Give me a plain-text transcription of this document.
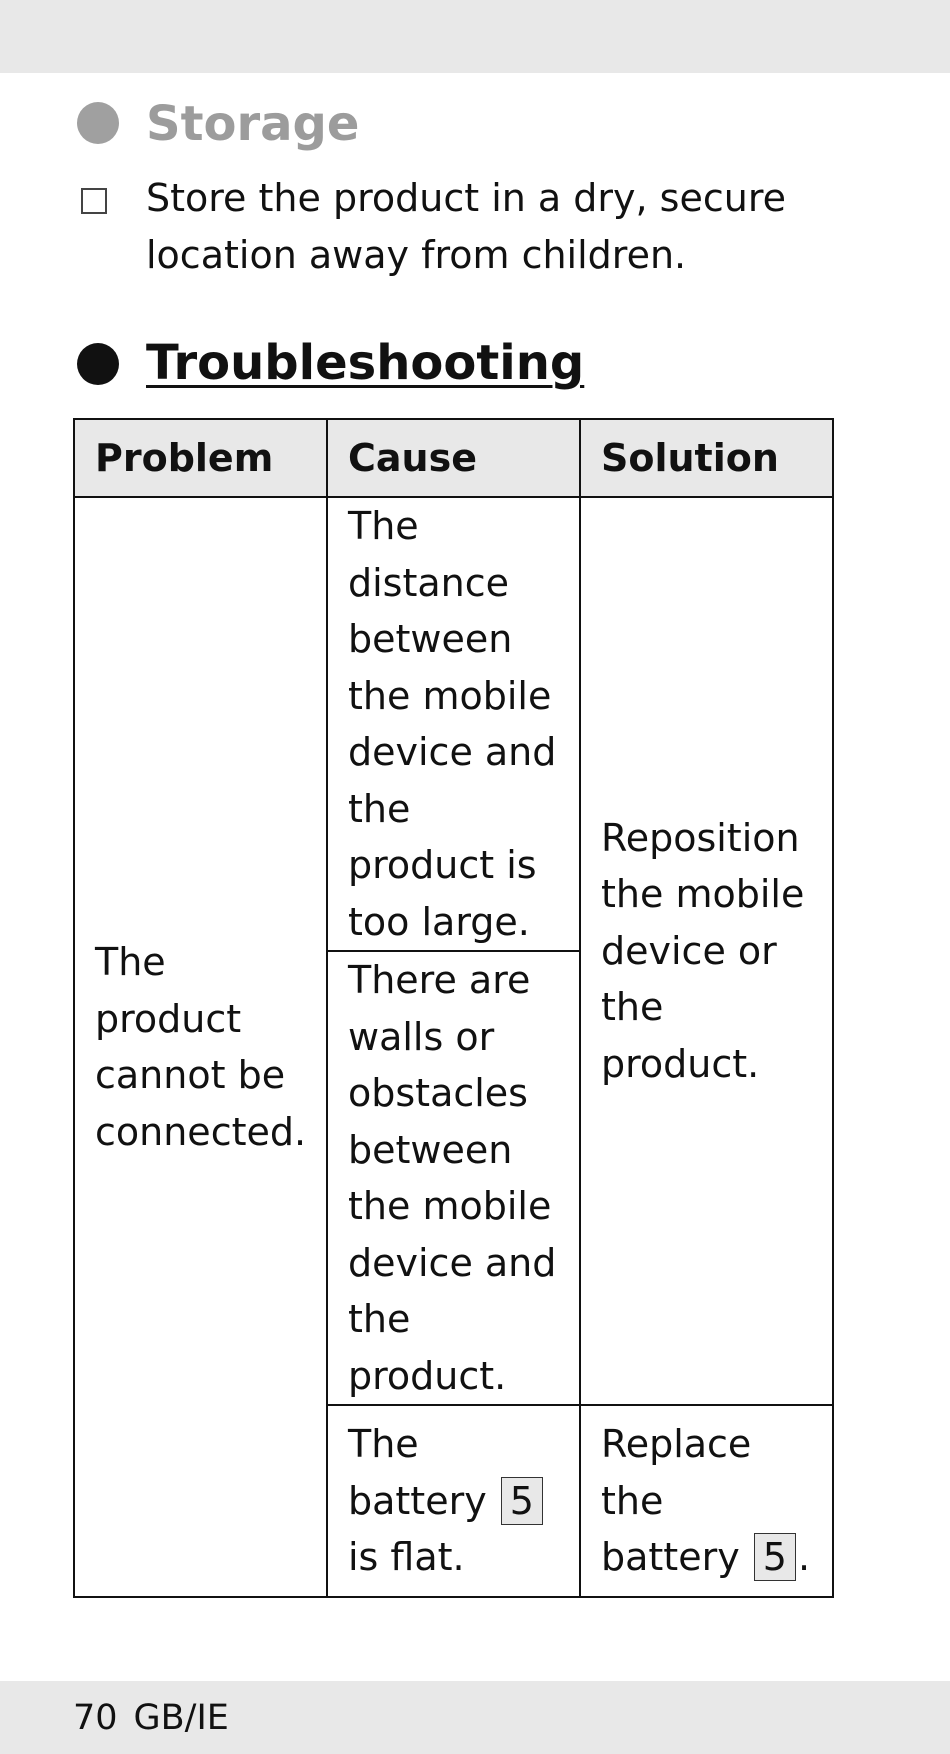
Storage
Store the product in a dry, secure location away from children.
Troubleshooting
Problem	Cause	Solution

The product cannot be connected.	The distance between the mobile device and the product is too large.	Reposition the mobile device or the product.

	There are walls or obstacles between the mobile device and the product.	

	The battery 5 is flat.	Replace the battery 5 .
70 GB/IE
